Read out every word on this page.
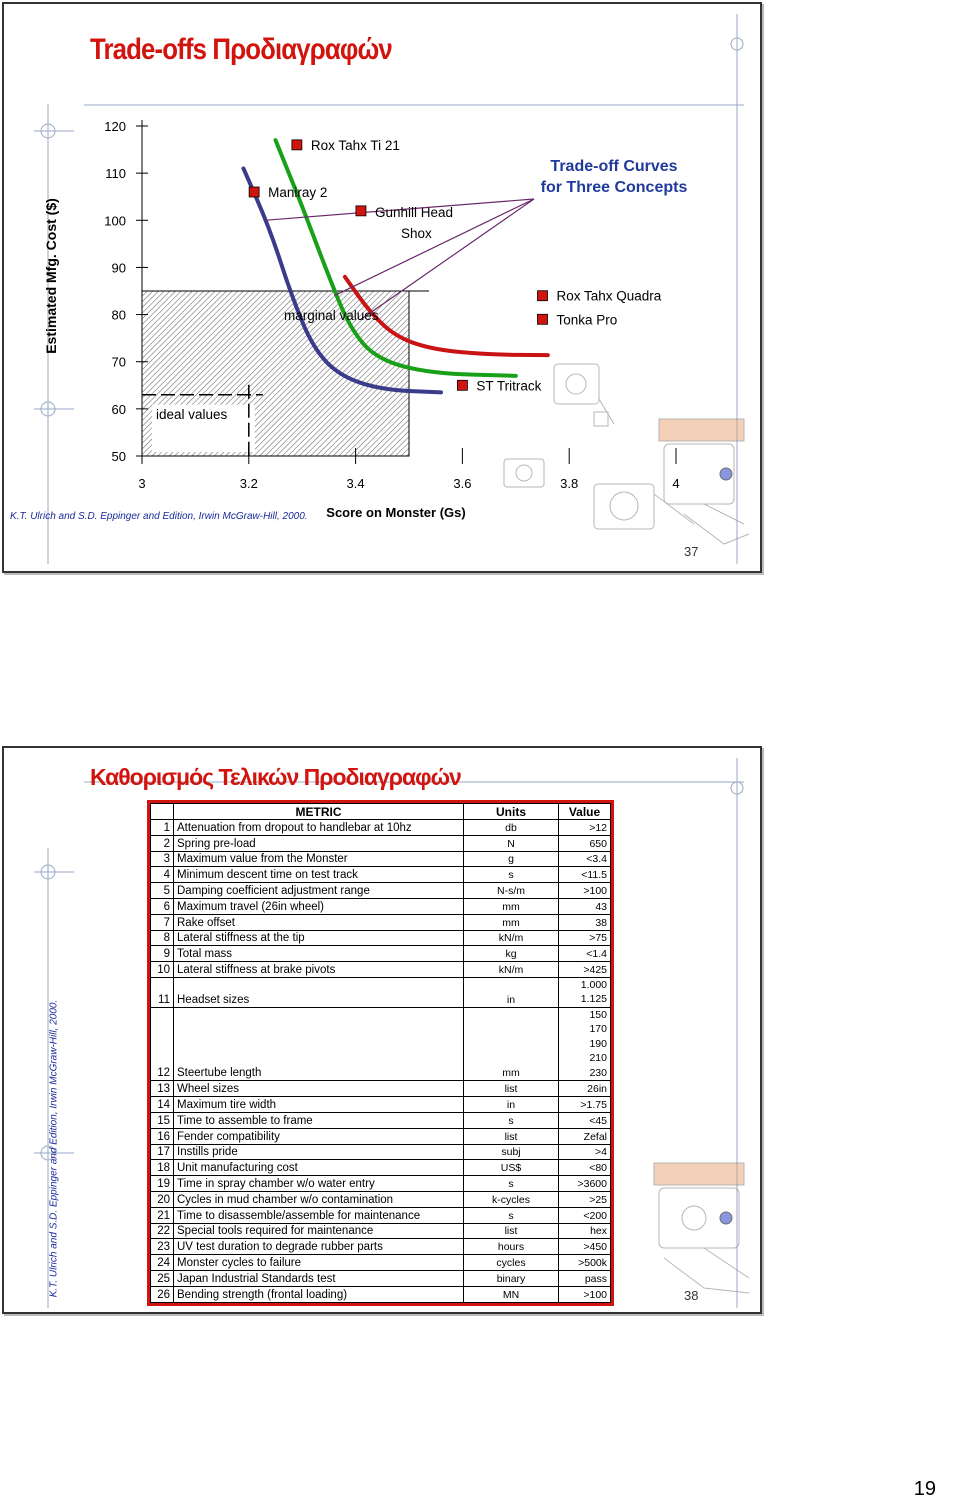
120
110
100
90
80
70
60
50
3	3.2	3.4	3.6	3.8	4
Score on Monster (Gs)
Estimated Mfg. Cost ($)
Rox Tahx Ti 21
Maniray 2
Gunhill Head
Shox
Rox Tahx Quadra
Tonka Pro
ST Tritrack
ideal values
marginal values
Trade-off Curves
for Three Concepts
K.T. Ulrich and S.D. Eppinger and Edition, Irwin McGraw-Hill, 2000.
37
Trade-offs Προδιαγραφών
K.T. Ulrich and S.D. Eppinger and Edition, Irwin McGraw-Hill, 2000.	38
Καθορισμός Τελικών Προδιαγραφών
	METRIC	Units	Value
1	Attenuation from dropout to handlebar at 10hz	db	>12
2	Spring pre-load	N	650
3	Maximum value from the Monster	g	<3.4
4	Minimum descent time on test track	s	<11.5
5	Damping coefficient adjustment range	N-s/m	>100
6	Maximum travel (26in wheel)	mm	43
7	Rake offset	mm	38
8	Lateral stiffness at the tip	kN/m	>75
9	Total mass	kg	<1.4
10	Lateral stiffness at brake pivots	kN/m	>425
11	Headset sizes	in	1.000
1.125

12	Steertube length	mm	150
170
190
210
230

13	Wheel sizes	list	26in
14	Maximum tire width	in	>1.75
15	Time to assemble to frame	s	<45
16	Fender compatibility	list	Zefal
17	Instills pride	subj	>4
18	Unit manufacturing cost	US$	<80
19	Time in spray chamber w/o water entry	s	>3600
20	Cycles in mud chamber w/o contamination	k-cycles	>25
21	Time to disassemble/assemble for maintenance	s	<200
22	Special tools required for maintenance	list	hex
23	UV test duration to degrade rubber parts	hours	>450
24	Monster cycles to failure	cycles	>500k
25	Japan Industrial Standards test	binary	pass
26	Bending strength (frontal loading)	MN	>100
19
